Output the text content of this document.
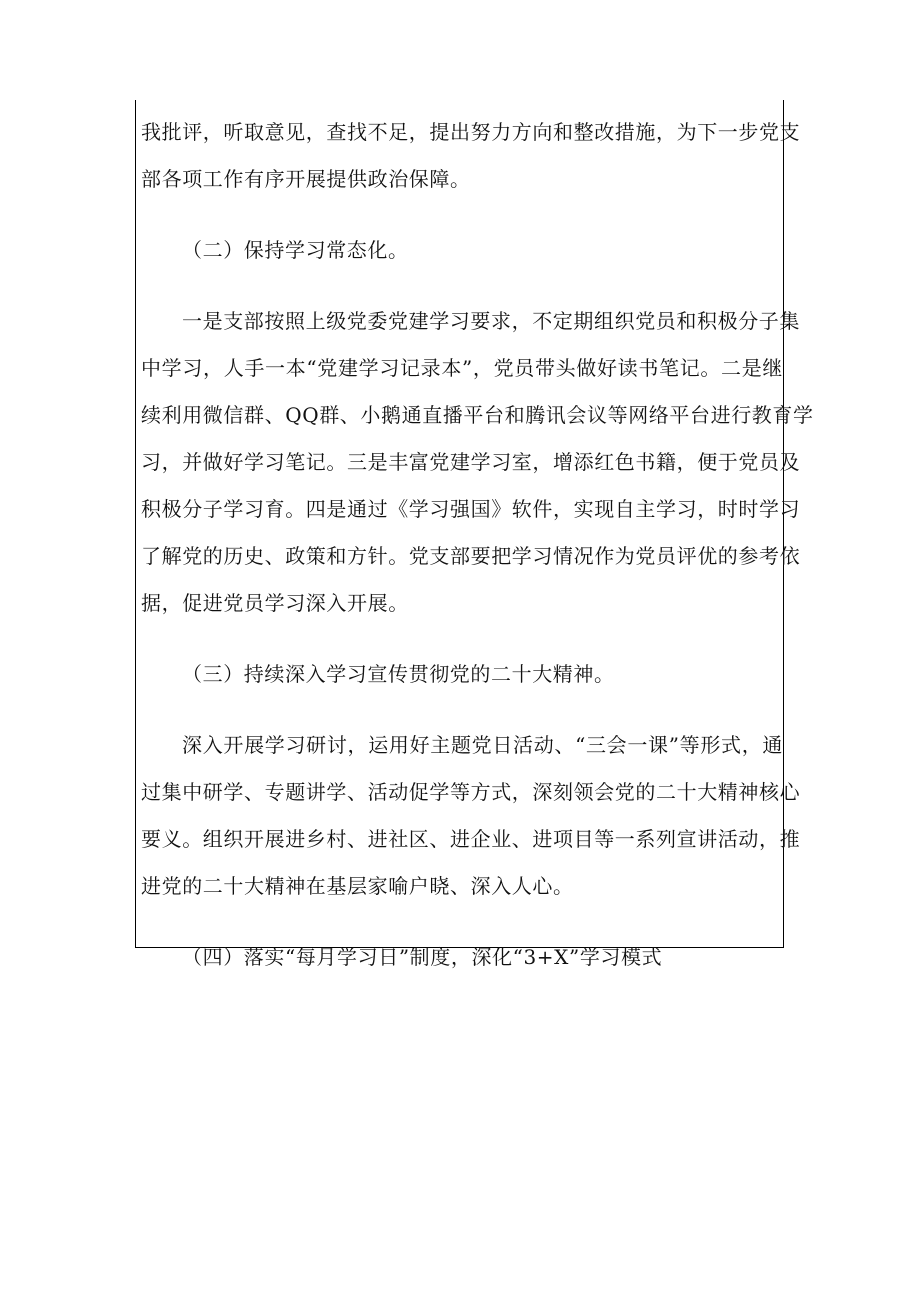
我批评，听取意见，查找不足，提出努力方向和整改措施，为下一步党支
部各项工作有序开展提供政治保障。
（二）保持学习常态化。
一是支部按照上级党委党建学习要求，不定期组织党员和积极分子集
中学习，人手一本“党建学习记录本”，党员带头做好读书笔记。二是继
续利用微信群、QQ群、小鹅通直播平台和腾讯会议等网络平台进行教育学
习，并做好学习笔记。三是丰富党建学习室，增添红色书籍，便于党员及
积极分子学习育。四是通过《学习强国》软件，实现自主学习，时时学习
了解党的历史、政策和方针。党支部要把学习情况作为党员评优的参考依
据，促进党员学习深入开展。
（三）持续深入学习宣传贯彻党的二十大精神。
深入开展学习研讨，运用好主题党日活动、“三会一课”等形式，通
过集中研学、专题讲学、活动促学等方式，深刻领会党的二十大精神核心
要义。组织开展进乡村、进社区、进企业、进项目等一系列宣讲活动，推
进党的二十大精神在基层家喻户晓、深入人心。
（四）落实“每月学习日”制度，深化“3+X”学习模式
